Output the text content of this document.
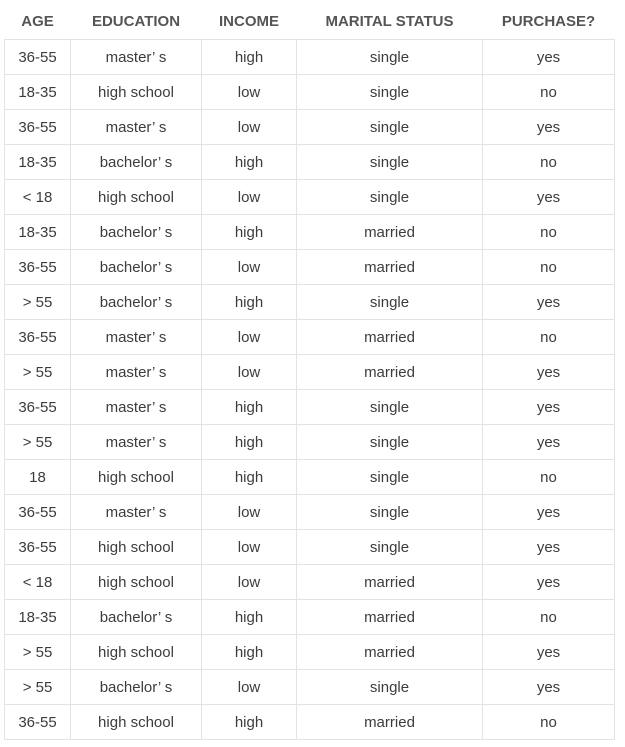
AGE	EDUCATION	INCOME	MARITAL STATUS	PURCHASE?
36-55	master’ s	high	single	yes
18-35	high school	low	single	no
36-55	master’ s	low	single	yes
18-35	bachelor’ s	high	single	no
< 18	high school	low	single	yes
18-35	bachelor’ s	high	married	no
36-55	bachelor’ s	low	married	no
> 55	bachelor’ s	high	single	yes
36-55	master’ s	low	married	no
> 55	master’ s	low	married	yes
36-55	master’ s	high	single	yes
> 55	master’ s	high	single	yes
18	high school	high	single	no
36-55	master’ s	low	single	yes
36-55	high school	low	single	yes
< 18	high school	low	married	yes
18-35	bachelor’ s	high	married	no
> 55	high school	high	married	yes
> 55	bachelor’ s	low	single	yes
36-55	high school	high	married	no
